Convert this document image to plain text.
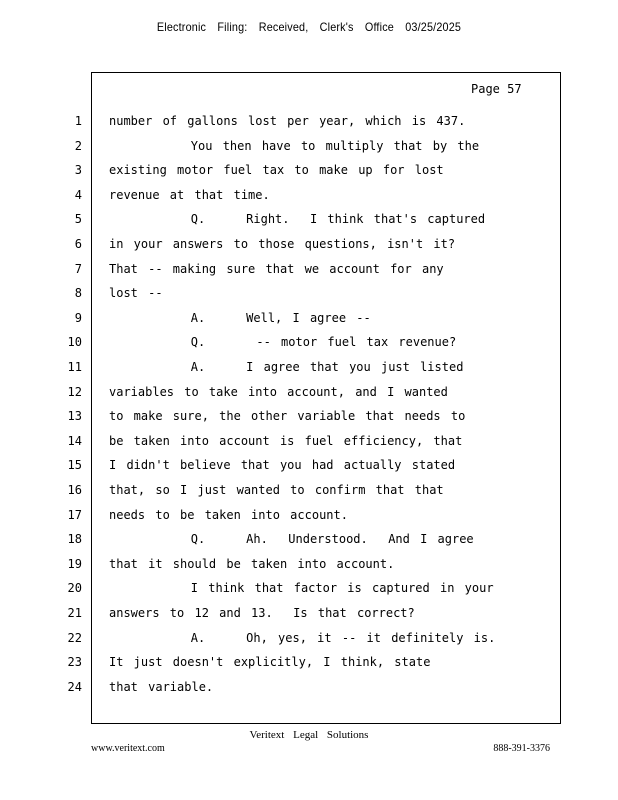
Electronic Filing: Received, Clerk's Office 03/25/2025
Page 57
1 number of gallons lost per year, which is 437.
2 You then have to multiply that by the
3 existing motor fuel tax to make up for lost
4 revenue at that time.
5 Q.    Right.  I think that's captured
6 in your answers to those questions, isn't it?
7 That -- making sure that we account for any
8 lost --
9 A.    Well, I agree --
10 Q.     -- motor fuel tax revenue?
11 A.    I agree that you just listed
12 variables to take into account, and I wanted
13 to make sure, the other variable that needs to
14 be taken into account is fuel efficiency, that
15 I didn't believe that you had actually stated
16 that, so I just wanted to confirm that that
17 needs to be taken into account.
18 Q.    Ah.  Understood.  And I agree
19 that it should be taken into account.
20 I think that factor is captured in your
21 answers to 12 and 13.  Is that correct?
22 A.    Oh, yes, it -- it definitely is.
23 It just doesn't explicitly, I think, state
24 that variable.
Veritext Legal Solutions
www.veritext.com	888-391-3376
